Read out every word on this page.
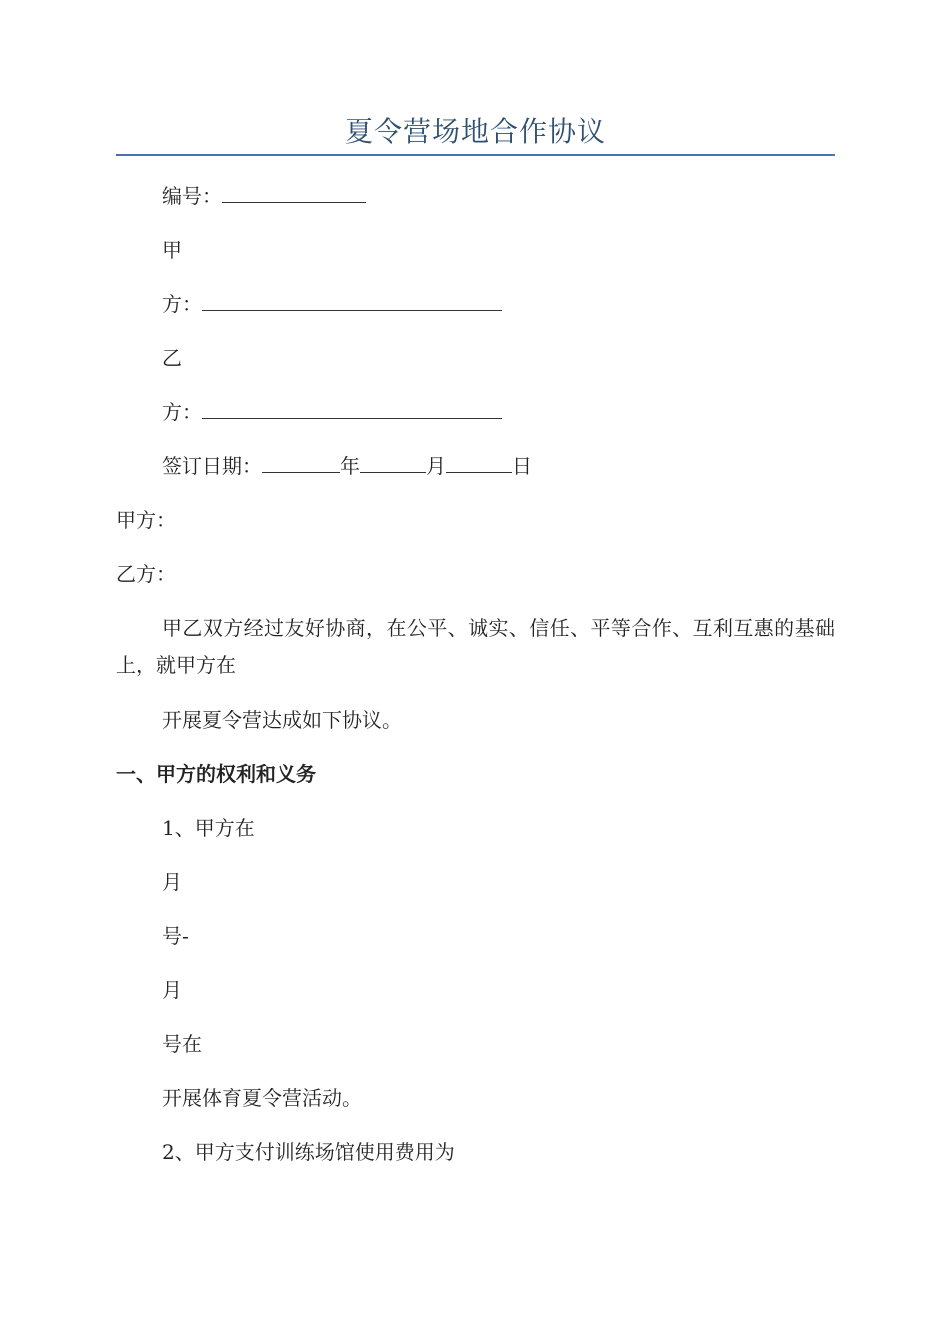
夏令营场地合作协议
编号：
甲
方：
乙
方：
签订日期：	年	月	日
甲方：
乙方：
甲乙双方经过友好协商，在公平、诚实、信任、平等合作、互利互惠的基础上，就甲方在
开展夏令营达成如下协议。
一、甲方的权利和义务
1、甲方在
月
号-
月
号在
开展体育夏令营活动。
2、甲方支付训练场馆使用费用为
